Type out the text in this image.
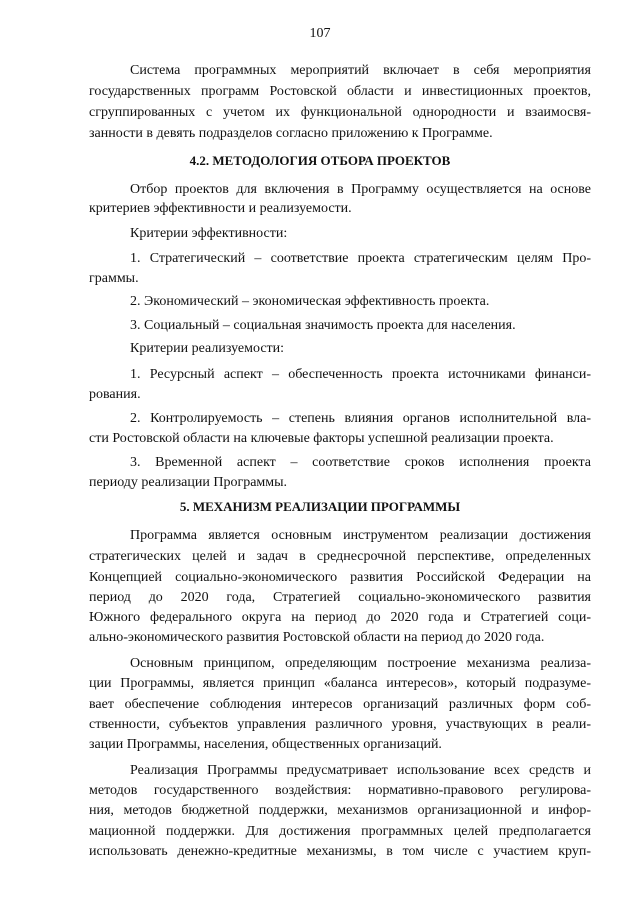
107
Система программных мероприятий включает в себя мероприятия
государственных программ Ростовской области и инвестиционных проектов,
сгруппированных с учетом их функциональной однородности и взаимосвя-
занности в девять подразделов согласно приложению к Программе.
4.2. МЕТОДОЛОГИЯ ОТБОРА ПРОЕКТОВ
Отбор проектов для включения в Программу осуществляется на основе
критериев эффективности и реализуемости.
Критерии эффективности:
1. Стратегический – соответствие проекта стратегическим целям Про-
граммы.
2. Экономический – экономическая эффективность проекта.
3. Социальный – социальная значимость проекта для населения.
Критерии реализуемости:
1. Ресурсный аспект – обеспеченность проекта источниками финанси-
рования.
2. Контролируемость – степень влияния органов исполнительной вла-
сти Ростовской области на ключевые факторы успешной реализации проекта.
3. Временной аспект – соответствие сроков исполнения проекта
периоду реализации Программы.
5. МЕХАНИЗМ РЕАЛИЗАЦИИ ПРОГРАММЫ
Программа является основным инструментом реализации достижения
стратегических целей и задач в среднесрочной перспективе, определенных
Концепцией социально-экономического развития Российской Федерации на
период до 2020 года, Стратегией социально-экономического развития
Южного федерального округа на период до 2020 года и Стратегией соци-
ально-экономического развития Ростовской области на период до 2020 года.
Основным принципом, определяющим построение механизма реализа-
ции Программы, является принцип «баланса интересов», который подразуме-
вает обеспечение соблюдения интересов организаций различных форм соб-
ственности, субъектов управления различного уровня, участвующих в реали-
зации Программы, населения, общественных организаций.
Реализация Программы предусматривает использование всех средств и
методов государственного воздействия: нормативно-правового регулирова-
ния, методов бюджетной поддержки, механизмов организационной и инфор-
мационной поддержки. Для достижения программных целей предполагается
использовать денежно-кредитные механизмы, в том числе с участием круп-
